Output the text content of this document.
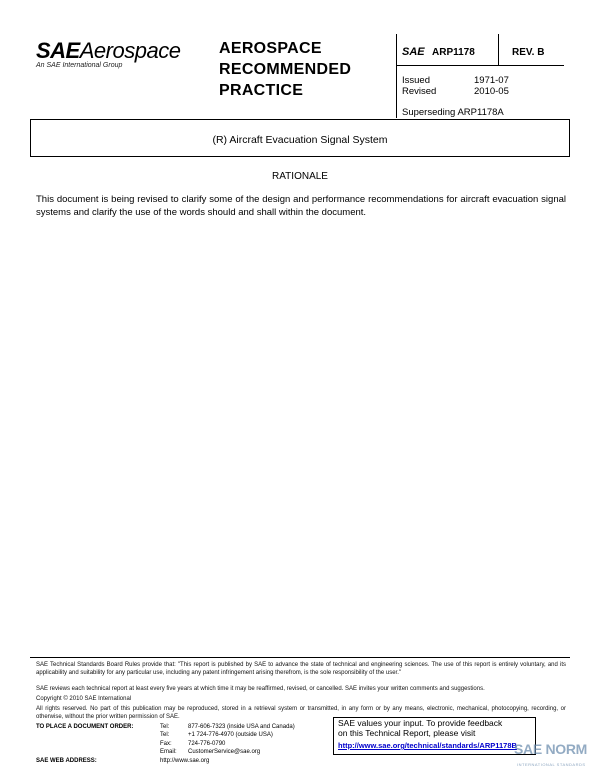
SAEAerospace
An SAE International Group
AEROSPACE
RECOMMENDED
PRACTICE
SAE ARP1178	REV. B
Issued	1971-07
Revised	2010-05
Superseding ARP1178A
(R) Aircraft Evacuation Signal System
RATIONALE
This document is being revised to clarify some of the design and performance recommendations for aircraft evacuation signal systems and clarify the use of the words should and shall within the document.
SAE Technical Standards Board Rules provide that: "This report is published by SAE to advance the state of technical and engineering sciences. The use of this report is entirely voluntary, and its applicability and suitability for any particular use, including any patent infringement arising therefrom, is the sole responsibility of the user."
SAE reviews each technical report at least every five years at which time it may be reaffirmed, revised, or cancelled. SAE invites your written comments and suggestions.
Copyright © 2010 SAE International
All rights reserved. No part of this publication may be reproduced, stored in a retrieval system or transmitted, in any form or by any means, electronic, mechanical, photocopying, recording, or otherwise, without the prior written permission of SAE.
TO PLACE A DOCUMENT ORDER:
SAE WEB ADDRESS:
Tel:	877-606-7323 (inside USA and Canada)
Tel:	+1 724-776-4970 (outside USA)
Fax:	724-776-0790
Email: CustomerService@sae.org
http://www.sae.org
SAE values your input. To provide feedback
on this Technical Report, please visit
http://www.sae.org/technical/standards/ARP1178B
SAE NORM
INTERNATIONAL STANDARDS
